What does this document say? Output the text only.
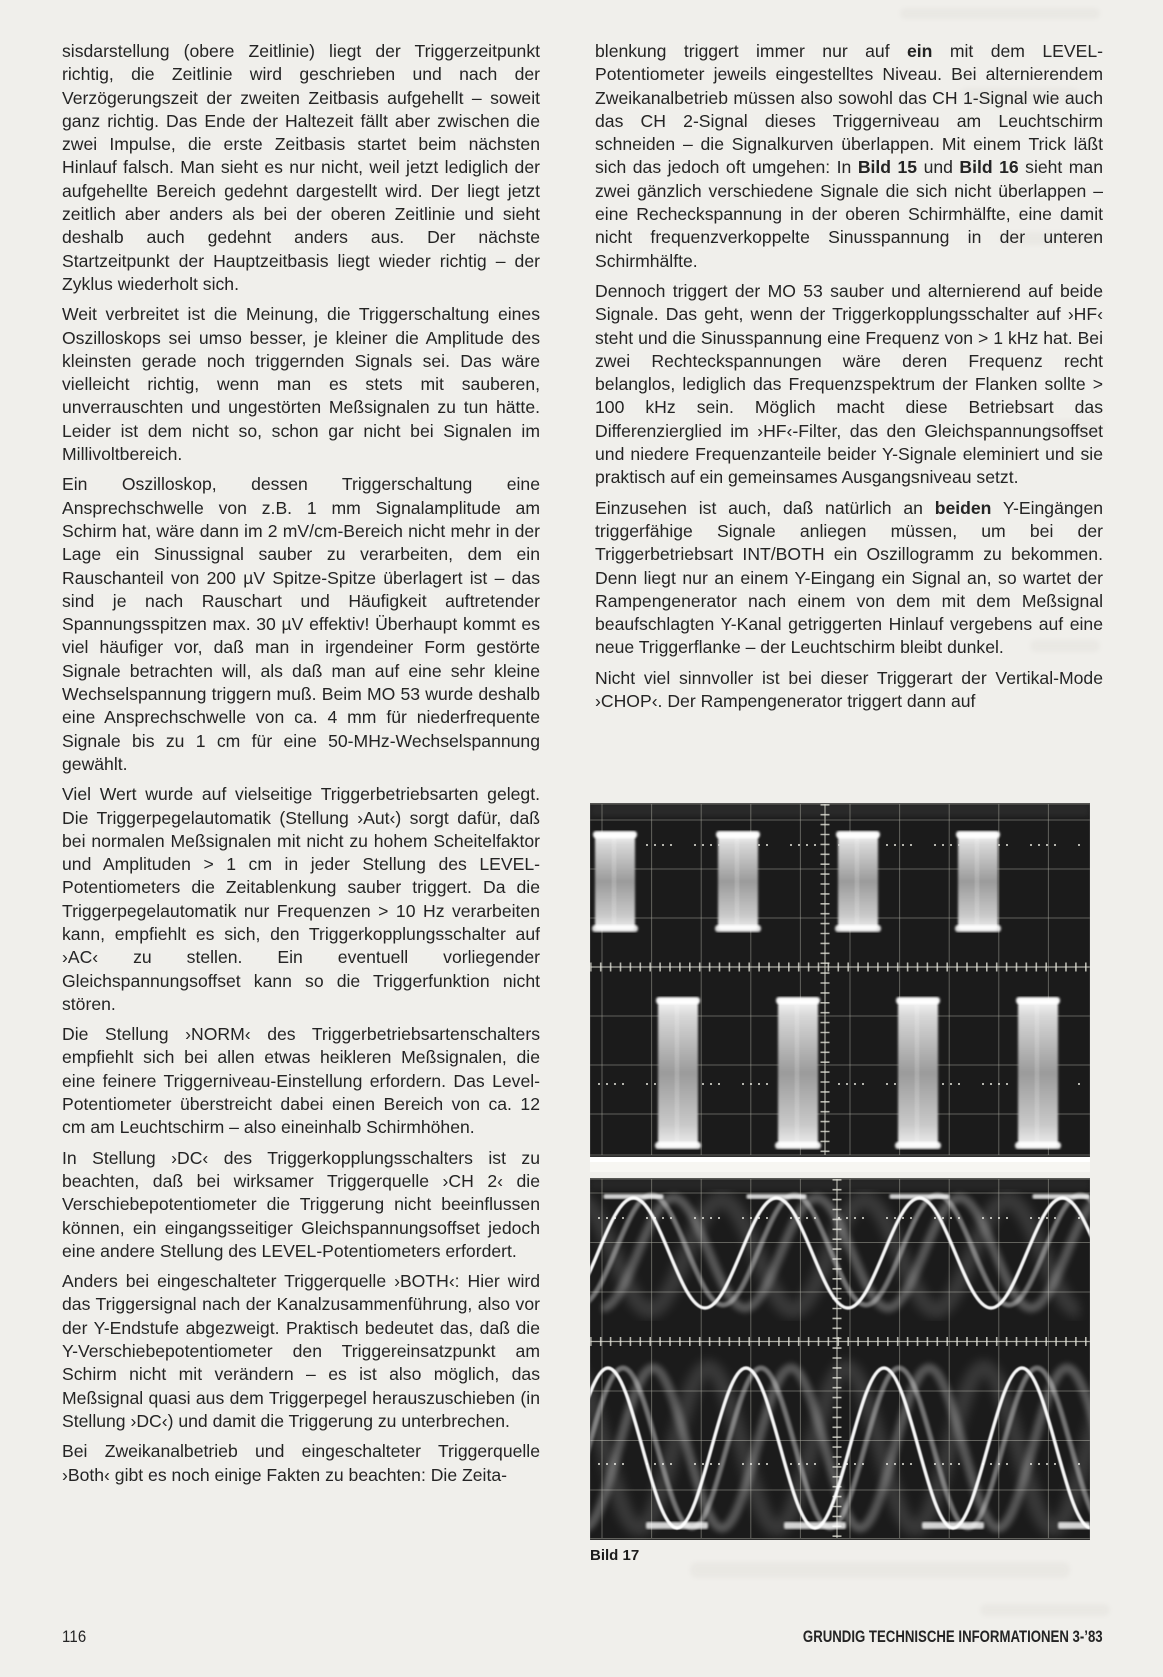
sisdarstellung (obere Zeitlinie) liegt der Triggerzeitpunkt richtig, die Zeitlinie wird geschrieben und nach der Verzögerungszeit der zweiten Zeitbasis aufgehellt – soweit ganz richtig. Das Ende der Haltezeit fällt aber zwischen die zwei Impulse, die erste Zeitbasis startet beim nächsten Hinlauf falsch. Man sieht es nur nicht, weil jetzt lediglich der aufgehellte Bereich gedehnt dargestellt wird. Der liegt jetzt zeitlich aber anders als bei der oberen Zeitlinie und sieht deshalb auch gedehnt anders aus. Der nächste Startzeitpunkt der Hauptzeitbasis liegt wieder richtig – der Zyklus wiederholt sich.

Weit verbreitet ist die Meinung, die Triggerschaltung eines Oszilloskops sei umso besser, je kleiner die Amplitude des kleinsten gerade noch triggernden Signals sei. Das wäre vielleicht richtig, wenn man es stets mit sauberen, unverrauschten und ungestörten Meßsignalen zu tun hätte. Leider ist dem nicht so, schon gar nicht bei Signalen im Millivoltbereich.

Ein Oszilloskop, dessen Triggerschaltung eine Ansprechschwelle von z.B. 1 mm Signalamplitude am Schirm hat, wäre dann im 2 mV/cm-Bereich nicht mehr in der Lage ein Sinussignal sauber zu verarbeiten, dem ein Rauschanteil von 200 µV Spitze-Spitze überlagert ist – das sind je nach Rauschart und Häufigkeit auftretender Spannungsspitzen max. 30 µV effektiv! Überhaupt kommt es viel häufiger vor, daß man in irgendeiner Form gestörte Signale betrachten will, als daß man auf eine sehr kleine Wechselspannung triggern muß. Beim MO 53 wurde deshalb eine Ansprechschwelle von ca. 4 mm für niederfrequente Signale bis zu 1 cm für eine 50-MHz-Wechselspannung gewählt.

Viel Wert wurde auf vielseitige Triggerbetriebsarten gelegt. Die Triggerpegelautomatik (Stellung ›Aut‹) sorgt dafür, daß bei normalen Meßsignalen mit nicht zu hohem Scheitelfaktor und Amplituden > 1 cm in jeder Stellung des LEVEL-Potentiometers die Zeitablenkung sauber triggert. Da die Triggerpegelautomatik nur Frequenzen > 10 Hz verarbeiten kann, empfiehlt es sich, den Triggerkopplungsschalter auf ›AC‹ zu stellen. Ein eventuell vorliegender Gleichspannungsoffset kann so die Triggerfunktion nicht stören.

Die Stellung ›NORM‹ des Triggerbetriebsartenschalters empfiehlt sich bei allen etwas heikleren Meßsignalen, die eine feinere Triggerniveau-Einstellung erfordern. Das Level-Potentiometer überstreicht dabei einen Bereich von ca. 12 cm am Leuchtschirm – also eineinhalb Schirmhöhen.

In Stellung ›DC‹ des Triggerkopplungsschalters ist zu beachten, daß bei wirksamer Triggerquelle ›CH 2‹ die Verschiebepotentiometer die Triggerung nicht beeinflussen können, ein eingangsseitiger Gleichspannungsoffset jedoch eine andere Stellung des LEVEL-Potentiometers erfordert.

Anders bei eingeschalteter Triggerquelle ›BOTH‹: Hier wird das Triggersignal nach der Kanalzusammenführung, also vor der Y-Endstufe abgezweigt. Praktisch bedeutet das, daß die Y-Verschiebepotentiometer den Triggereinsatzpunkt am Schirm nicht mit verändern – es ist also möglich, das Meßsignal quasi aus dem Triggerpegel herauszuschieben (in Stellung ›DC‹) und damit die Triggerung zu unterbrechen.

Bei Zweikanalbetrieb und eingeschalteter Triggerquelle ›Both‹ gibt es noch einige Fakten zu beachten: Die Zeita-

blenkung triggert immer nur auf ein mit dem LEVEL-Potentiometer jeweils eingestelltes Niveau. Bei alternierendem Zweikanalbetrieb müssen also sowohl das CH 1-Signal wie auch das CH 2-Signal dieses Triggerniveau am Leuchtschirm schneiden – die Signalkurven überlappen. Mit einem Trick läßt sich das jedoch oft umgehen: In Bild 15 und Bild 16 sieht man zwei gänzlich verschiedene Signale die sich nicht überlappen – eine Recheckspannung in der oberen Schirmhälfte, eine damit nicht frequenzverkoppelte Sinusspannung in der unteren Schirmhälfte.

Dennoch triggert der MO 53 sauber und alternierend auf beide Signale. Das geht, wenn der Triggerkopplungsschalter auf ›HF‹ steht und die Sinusspannung eine Frequenz von > 1 kHz hat. Bei zwei Rechteckspannungen wäre deren Frequenz recht belanglos, lediglich das Frequenzspektrum der Flanken sollte > 100 kHz sein. Möglich macht diese Betriebsart das Differenzierglied im ›HF‹-Filter, das den Gleichspannungsoffset und niedere Frequenzanteile beider Y-Signale eleminiert und sie praktisch auf ein gemeinsames Ausgangsniveau setzt.

Einzusehen ist auch, daß natürlich an beiden Y-Eingängen triggerfähige Signale anliegen müssen, um bei der Triggerbetriebsart INT/BOTH ein Oszillogramm zu bekommen. Denn liegt nur an einem Y-Eingang ein Signal an, so wartet der Rampengenerator nach einem von dem mit dem Meßsignal beaufschlagten Y-Kanal getriggerten Hinlauf vergebens auf eine neue Triggerflanke – der Leuchtschirm bleibt dunkel.

Nicht viel sinnvoller ist bei dieser Triggerart der Vertikal-Mode ›CHOP‹. Der Rampengenerator triggert dann auf

Bild 17
116	GRUNDIG TECHNISCHE INFORMATIONEN 3-’83
